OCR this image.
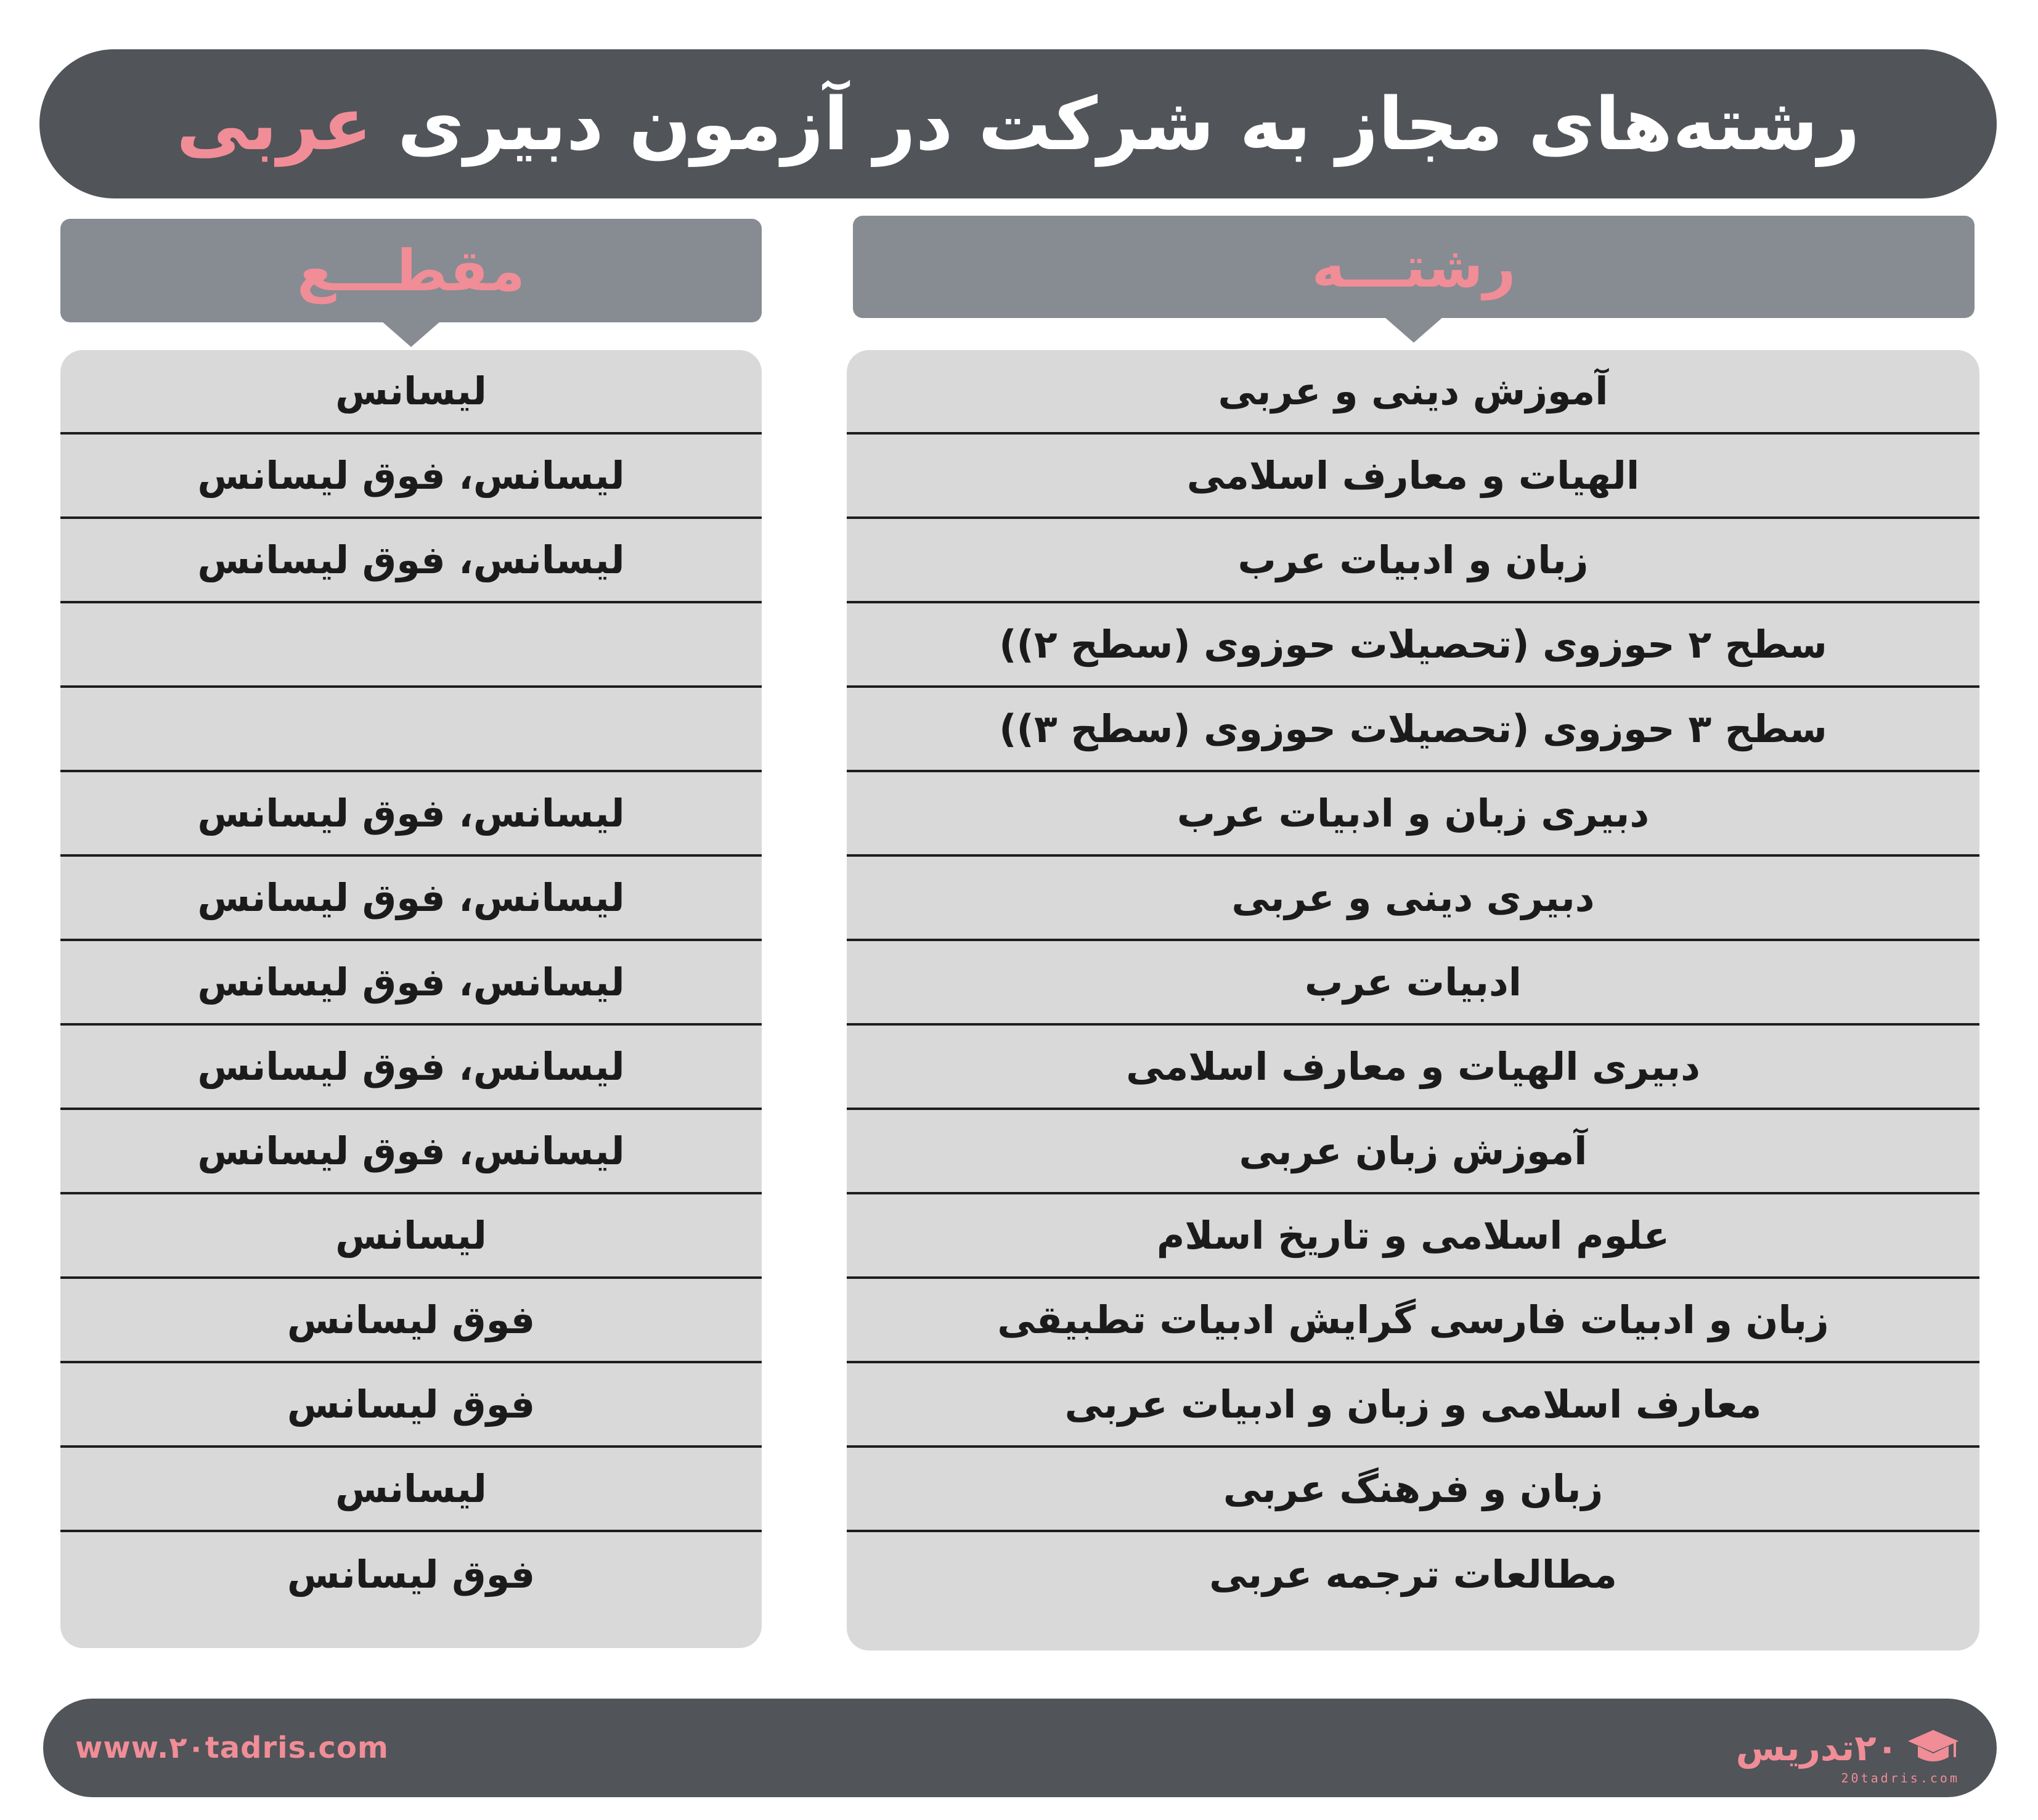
رشته‌های مجاز به شرکت در آزمون دبیری عربی
رشتـــه
مقطـــع
آموزش دینی و عربی
الهیات و معارف اسلامی
زبان و ادبیات عرب
سطح ۲ حوزوی (تحصیلات حوزوی (سطح ۲))
سطح ۳ حوزوی (تحصیلات حوزوی (سطح ۳))
دبیری زبان و ادبیات عرب
دبیری دینی و عربی
ادبیات عرب
دبیری الهیات و معارف اسلامی
آموزش زبان عربی
علوم اسلامی و تاریخ اسلام
زبان و ادبیات فارسی گرایش ادبیات تطبیقی
معارف اسلامی و زبان و ادبیات عربی
زبان و فرهنگ عربی
مطالعات ترجمه عربی
لیسانس
لیسانس، فوق لیسانس
لیسانس، فوق لیسانس
لیسانس، فوق لیسانس
لیسانس، فوق لیسانس
لیسانس، فوق لیسانس
لیسانس، فوق لیسانس
لیسانس، فوق لیسانس
لیسانس
فوق لیسانس
فوق لیسانس
لیسانس
فوق لیسانس
www.۲۰tadris.com	۲۰تدریس
20tadris.com
